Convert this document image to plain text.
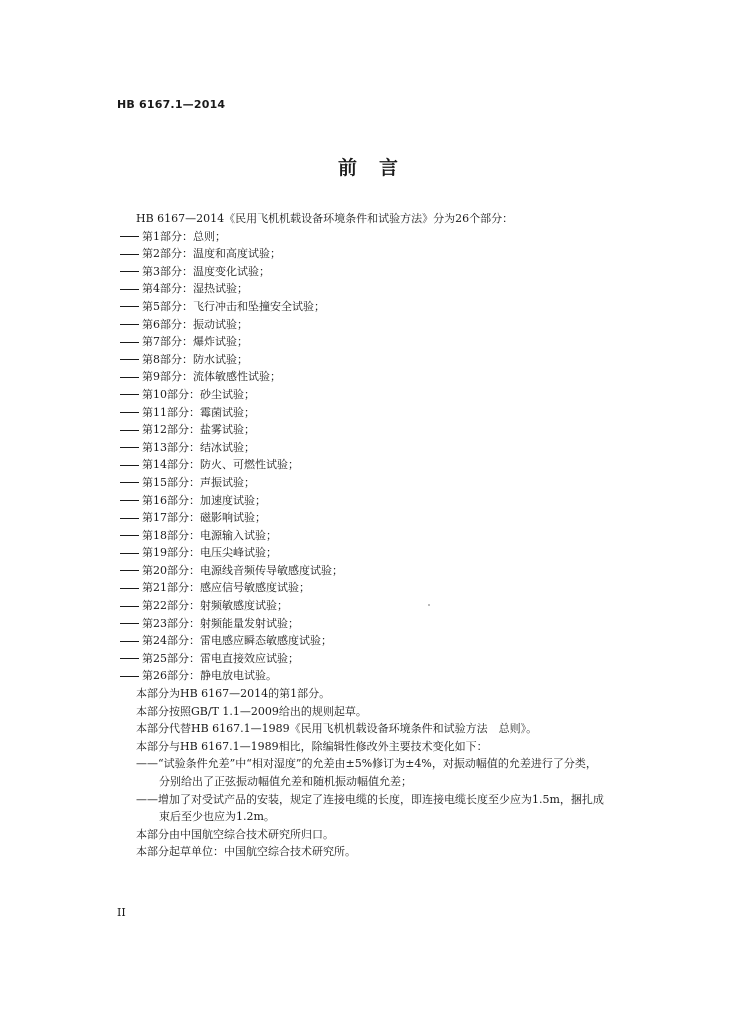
HB 6167.1—2014
前言
HB 6167—2014《民用飞机机载设备环境条件和试验方法》分为26个部分：
第1部分：总则；
第2部分：温度和高度试验；
第3部分：温度变化试验；
第4部分：湿热试验；
第5部分：飞行冲击和坠撞安全试验；
第6部分：振动试验；
第7部分：爆炸试验；
第8部分：防水试验；
第9部分：流体敏感性试验；
第10部分：砂尘试验；
第11部分：霉菌试验；
第12部分：盐雾试验；
第13部分：结冰试验；
第14部分：防火、可燃性试验；
第15部分：声振试验；
第16部分：加速度试验；
第17部分：磁影响试验；
第18部分：电源输入试验；
第19部分：电压尖峰试验；
第20部分：电源线音频传导敏感度试验；
第21部分：感应信号敏感度试验；
第22部分：射频敏感度试验；
第23部分：射频能量发射试验；
第24部分：雷电感应瞬态敏感度试验；
第25部分：雷电直接效应试验；
第26部分：静电放电试验。
本部分为HB 6167—2014的第1部分。
本部分按照GB/T 1.1—2009给出的规则起草。
本部分代替HB 6167.1—1989《民用飞机机载设备环境条件和试验方法　总则》。
本部分与HB 6167.1—1989相比，除编辑性修改外主要技术变化如下：
——“试验条件允差”中“相对湿度”的允差由±5%修订为±4%，对振动幅值的允差进行了分类，
分别给出了正弦振动幅值允差和随机振动幅值允差；
——增加了对受试产品的安装，规定了连接电缆的长度，即连接电缆长度至少应为1.5m，捆扎成
束后至少也应为1.2m。
本部分由中国航空综合技术研究所归口。
本部分起草单位：中国航空综合技术研究所。
II
